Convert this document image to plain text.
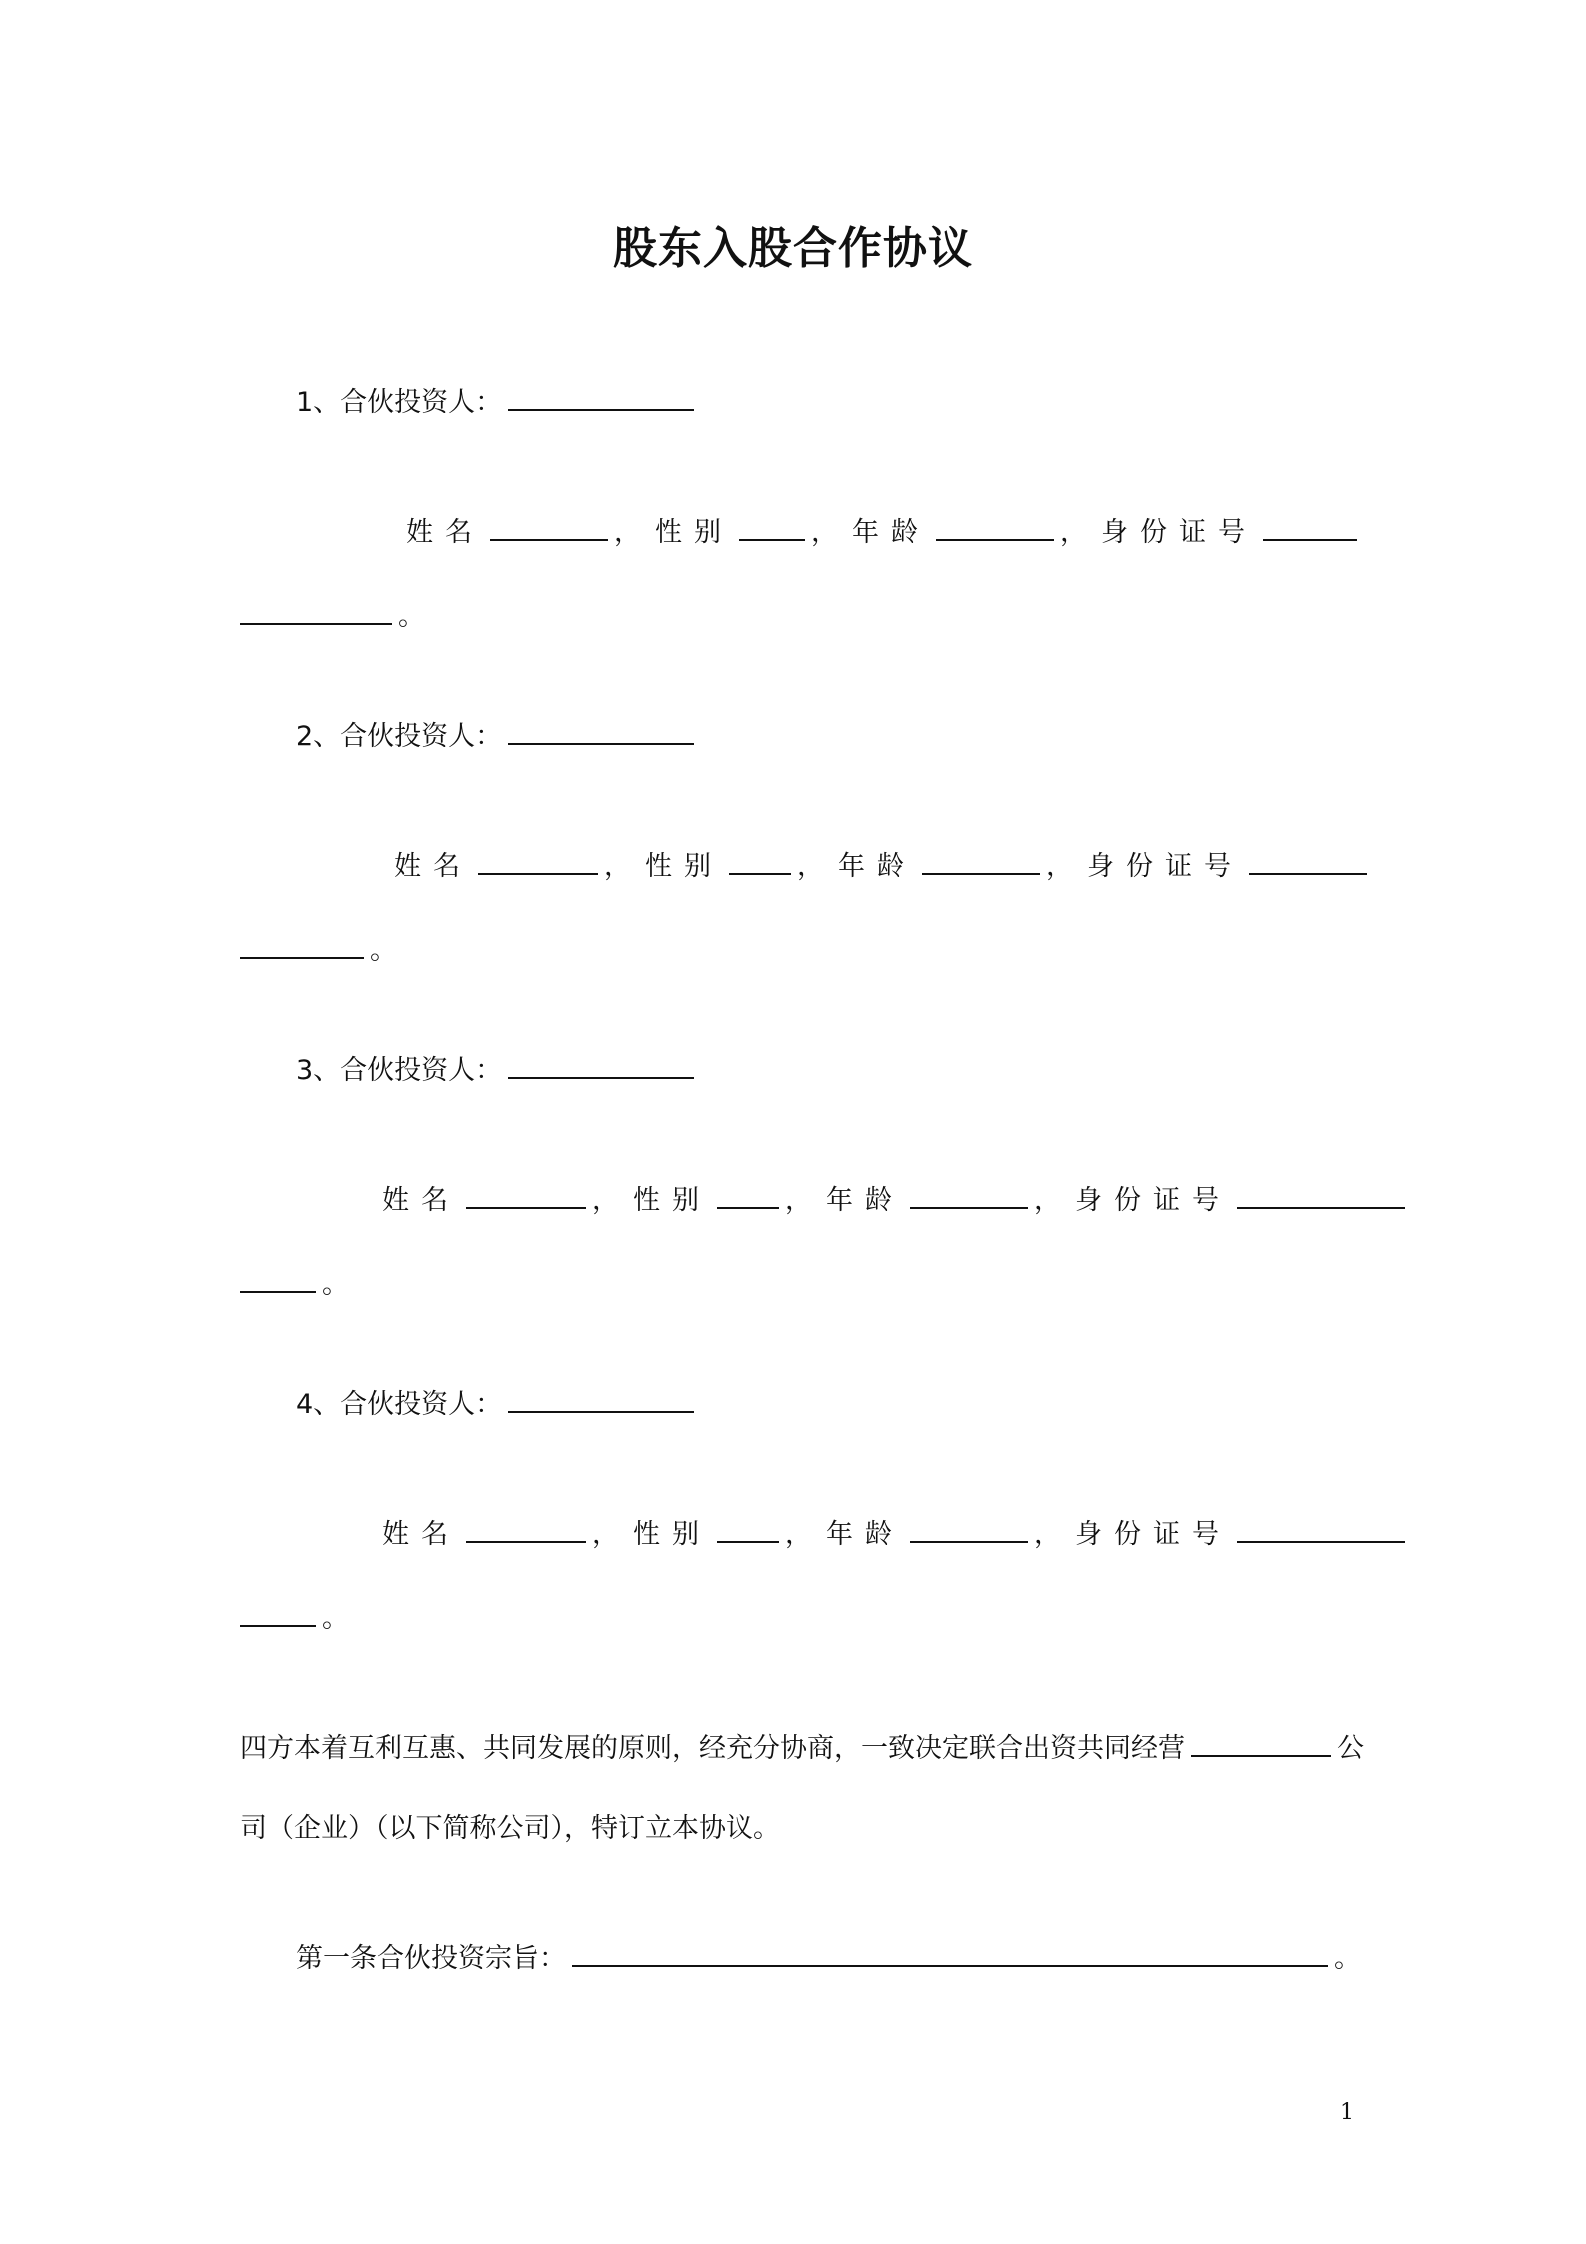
股东入股合作协议
1、合伙投资人：
姓名	， 性别	， 年龄	， 身份证号
。
2、合伙投资人：
姓名	， 性别	， 年龄	， 身份证号
。
3、合伙投资人：
姓名	， 性别	， 年龄	， 身份证号
。
4、合伙投资人：
姓名	， 性别	， 年龄	， 身份证号
。
四方本着互利互惠、共同发展的原则，经充分协商，一致决定联合出资共同经营	公
司（企业）（以下简称公司），特订立本协议。
第一条合伙投资宗旨：	。
1
